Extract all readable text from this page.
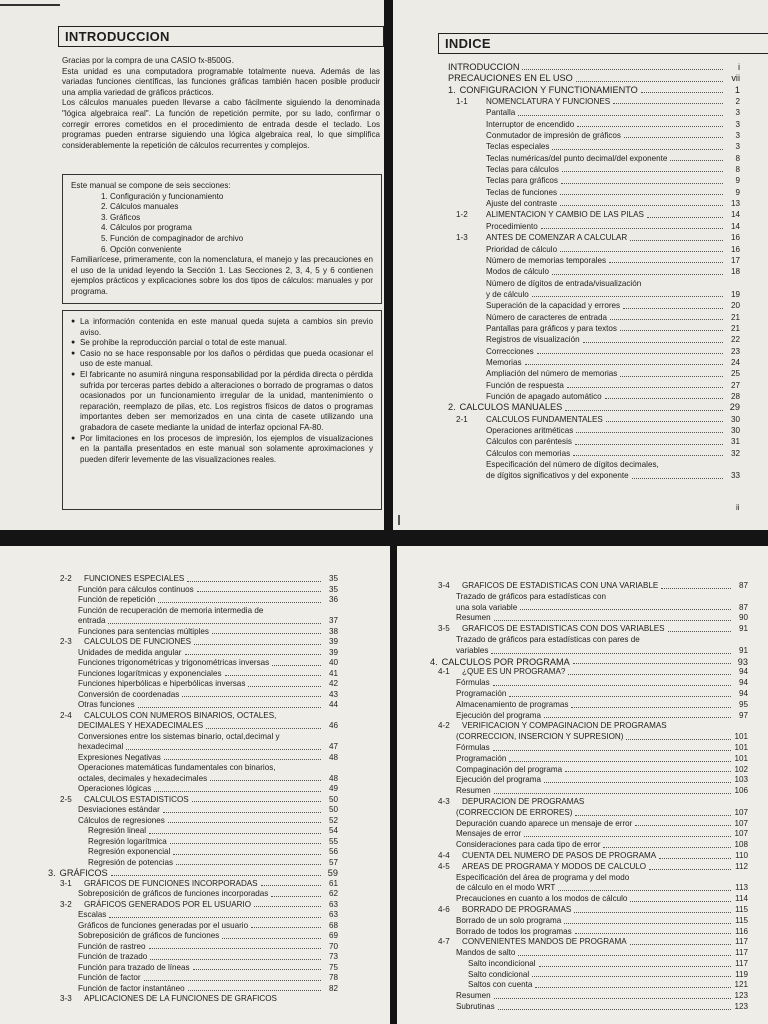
INTRODUCCION

Gracias por la compra de una CASIO fx-8500G.

Esta unidad es una computadora programable totalmente nueva. Además de las variadas funciones científicas, las funciones gráficas también hacen posible producir una amplia variedad de gráficos prácticos.

Los cálculos manuales pueden llevarse a cabo fácilmente siguiendo la denominada "lógica algebraica real". La función de repetición permite, por su lado, confirmar o corregir errores cometidos en el procedimiento de entrada desde el teclado. Los programas pueden entrarse siguiendo una lógica algebraica real, lo que simplifica considerablemente la repetición de cálculos recurrentes y complejos.

Este manual se compone de seis secciones:

1. Configuración y funcionamiento
2. Cálculos manuales
3. Gráficos
4. Cálculos por programa
5. Función de compaginador de archivo
6. Opción conveniente

Familiarícese, primeramente, con la nomenclatura, el manejo y las precauciones en el uso de la unidad leyendo la Sección 1. Las Secciones 2, 3, 4, 5 y 6 contienen ejemplos prácticos y explicaciones sobre los dos tipos de cálculos: manuales y por programa.

● La información contenida en este manual queda sujeta a cambios sin previo aviso.
● Se prohibe la reproducción parcial o total de este manual.
● Casio no se hace responsable por los daños o pérdidas que pueda ocasionar el uso de este manual.
● El fabricante no asumirá ninguna responsabilidad por la pérdida directa o pérdida sufrida por terceras partes debido a alteraciones o borrado de programas o datos ocasionados por un funcionamiento irregular de la unidad, mantenimiento o reparación, reemplazo de pilas, etc. Los registros físicos de datos o programas importantes deben ser memorizados en una cinta de casete utilizando una grabadora de casete mediante la unidad de interfaz opcional FA-80.
● Por limitaciones en los procesos de impresión, los ejemplos de visualizaciones en la pantalla presentados en este manual son solamente aproximaciones y pueden diferir levemente de las visualizaciones reales.
INDICE
INTRODUCCION	i
PRECAUCIONES EN EL USO	vii
1. CONFIGURACION Y FUNCTIONAMIENTO	1
1-1	NOMENCLATURA Y FUNCIONES	2
Pantalla	3
Interruptor de encendido	3
Conmutador de impresión de gráficos	3
Teclas especiales	3
Teclas numéricas/del punto decimal/del exponente	8
Teclas para cálculos	8
Teclas para gráficos	9
Teclas de funciones	9
Ajuste del contraste	13
1-2	ALIMENTACION Y CAMBIO DE LAS PILAS	14
Procedimiento	14
1-3	ANTES DE COMENZAR A CALCULAR	16
Prioridad de cálculo	16
Número de memorias temporales	17
Modos de cálculo	18
Número de dígitos de entrada/visualización
y de cálculo	19
Superación de la capacidad y errores	20
Número de caracteres de entrada	21
Pantallas para gráficos y para textos	21
Registros de visualización	22
Correcciones	23
Memorias	24
Ampliación del número de memorias	25
Función de respuesta	27
Función de apagado automático	28
2. CALCULOS MANUALES	29
2-1	CALCULOS FUNDAMENTALES	30
Operaciones aritméticas	30
Cálculos con paréntesis	31
Cálculos con memorias	32
Especificación del número de dígitos decimales,
de dígitos significativos y del exponente	33
ii
2-2	FUNCIONES ESPECIALES	35
Función para cálculos continuos	35
Función de repetición	36
Función de recuperación de memoria intermedia de
entrada	37
Funciones para sentencias múltiples	38
2-3	CALCULOS DE FUNCIONES	39
Unidades de medida angular	39
Funciones trigonométricas y trigonométricas inversas	40
Funciones logarítmicas y exponenciales	41
Funciones hiperbólicas e hiperbólicas inversas	42
Conversión de coordenadas	43
Otras funciones	44
2-4	CALCULOS CON NUMEROS BINARIOS, OCTALES,
DECIMALES Y HEXADECIMALES	46
Conversiones entre los sistemas binario, octal,decimal y
hexadecimal	47
Expresiones Negativas	48
Operaciones matemáticas fundamentales con binarios,
octales, decimales y hexadecimales	48
Operaciones lógicas	49
2-5	CALCULOS ESTADISTICOS	50
Desviaciones estándar	50
Cálculos de regresiones	52
Regresión lineal	54
Regresión logarítmica	55
Regresión exponencial	56
Regresión de potencias	57
3. GRÁFICOS	59
3-1	GRÁFICOS DE FUNCIONES INCORPORADAS	61
Sobreposición de gráficos de funciones incorporadas	62
3-2	GRÁFICOS GENERADOS POR EL USUARIO	63
Escalas	63
Gráficos de funciones generadas por el usuario	68
Sobreposición de gráficos de funciones	69
Función de rastreo	70
Función de trazado	73
Función para trazado de líneas	75
Función de factor	78
Función de factor instantáneo	82
3-3	APLICACIONES DE LA FUNCIONES DE GRAFICOS
3-4	GRAFICOS DE ESTADISTICAS CON UNA VARIABLE	87
Trazado de gráficos para estadísticas con
una sola variable	87
Resumen	90
3-5	GRAFICOS DE ESTADISTICAS CON DOS VARIABLES	91
Trazado de gráficos para estadísticas con pares de
variables	91
4. CALCULOS POR PROGRAMA	93
4-1	¿QUE ES UN PROGRAMA?	94
Fórmulas	94
Programación	94
Almacenamiento de programas	95
Ejecución del programa	97
4-2	VERIFICACION Y COMPAGINACION DE PROGRAMAS
(CORRECCION, INSERCION Y SUPRESION)	101
Fórmulas	101
Programación	101
Compaginación del programa	102
Ejecución del programa	103
Resumen	106
4-3	DEPURACION DE PROGRAMAS
(CORRECCION DE ERRORES)	107
Depuración cuando aparece un mensaje de error	107
Mensajes de error	107
Consideraciones para cada tipo de error	108
4-4	CUENTA DEL NUMERO DE PASOS DE PROGRAMA	110
4-5	AREAS DE PROGRAMA Y MODOS DE CALCULO	112
Especificación del área de programa y del modo
de cálculo en el modo WRT	113
Precauciones en cuanto a los modos de cálculo	114
4-6	BORRADO DE PROGRAMAS	115
Borrado de un solo programa	115
Borrado de todos los programas	116
4-7	CONVENIENTES MANDOS DE PROGRAMA	117
Mandos de salto	117
Salto incondicional	117
Salto condicional	119
Saltos con cuenta	121
Resumen	123
Subrutinas	123
